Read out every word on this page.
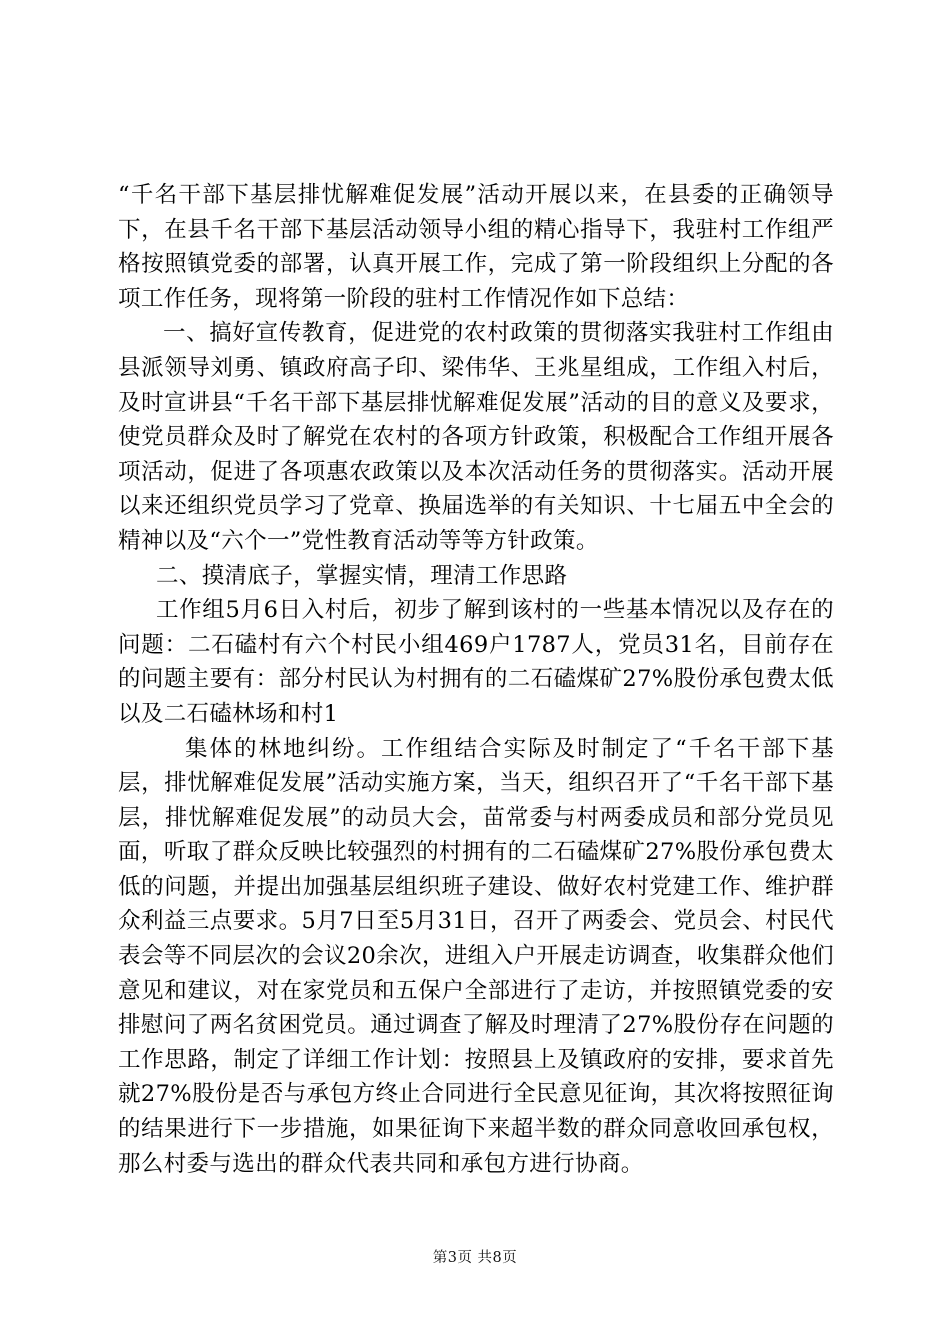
“千名干部下基层排忧解难促发展”活动开展以来，在县委的正确领导下，在县千名干部下基层活动领导小组的精心指导下，我驻村工作组严格按照镇党委的部署，认真开展工作，完成了第一阶段组织上分配的各项工作任务，现将第一阶段的驻村工作情况作如下总结：

一、搞好宣传教育，促进党的农村政策的贯彻落实我驻村工作组由县派领导刘勇、镇政府高子印、梁伟华、王兆星组成，工作组入村后，及时宣讲县“千名干部下基层排忧解难促发展”活动的目的意义及要求，使党员群众及时了解党在农村的各项方针政策，积极配合工作组开展各项活动，促进了各项惠农政策以及本次活动任务的贯彻落实。活动开展以来还组织党员学习了党章、换届选举的有关知识、十七届五中全会的精神以及“六个一”党性教育活动等等方针政策。

二、摸清底子，掌握实情，理清工作思路

工作组5月6日入村后，初步了解到该村的一些基本情况以及存在的问题：二石磕村有六个村民小组469户1787人，党员31名，目前存在的问题主要有：部分村民认为村拥有的二石磕煤矿27%股份承包费太低以及二石磕林场和村1

集体的林地纠纷。工作组结合实际及时制定了“千名干部下基层，排忧解难促发展”活动实施方案，当天，组织召开了“千名干部下基层，排忧解难促发展”的动员大会，苗常委与村两委成员和部分党员见面，听取了群众反映比较强烈的村拥有的二石磕煤矿27%股份承包费太低的问题，并提出加强基层组织班子建设、做好农村党建工作、维护群众利益三点要求。5月7日至5月31日，召开了两委会、党员会、村民代表会等不同层次的会议20余次，进组入户开展走访调查，收集群众他们意见和建议，对在家党员和五保户全部进行了走访，并按照镇党委的安排慰问了两名贫困党员。通过调查了解及时理清了27%股份存在问题的工作思路，制定了详细工作计划：按照县上及镇政府的安排，要求首先就27%股份是否与承包方终止合同进行全民意见征询，其次将按照征询的结果进行下一步措施，如果征询下来超半数的群众同意收回承包权，那么村委与选出的群众代表共同和承包方进行协商。

第3页 共8页
